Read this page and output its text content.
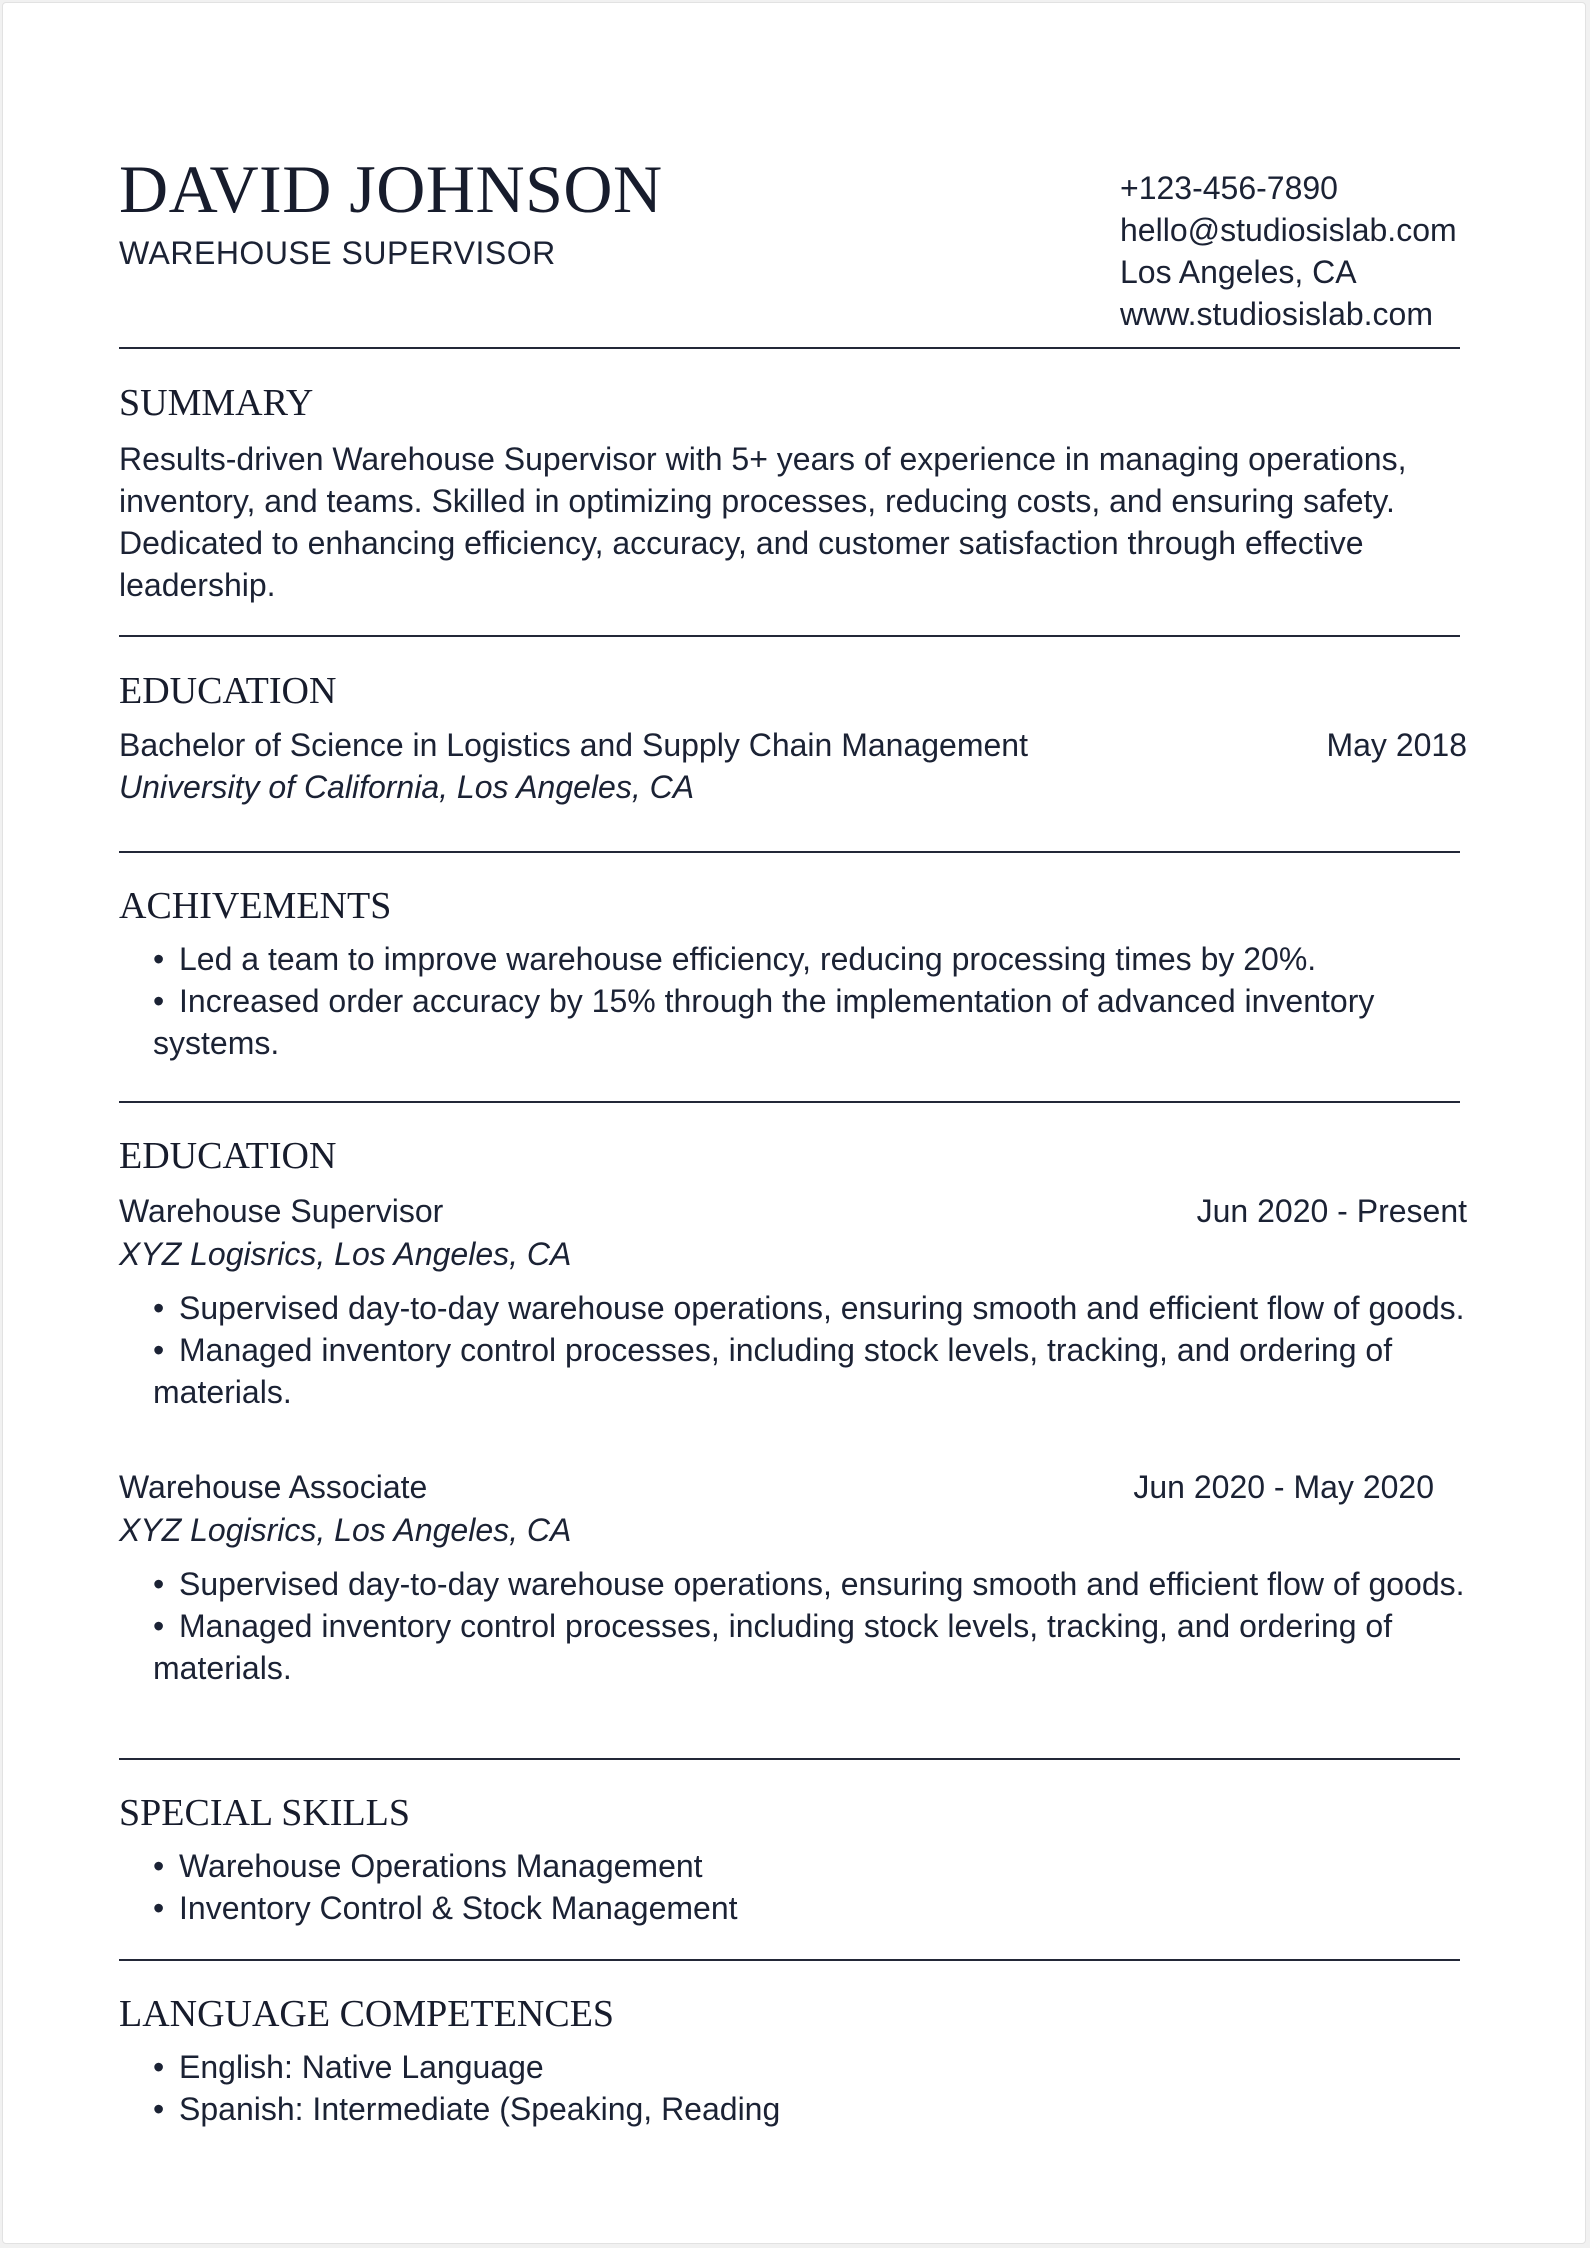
DAVID JOHNSON
WAREHOUSE SUPERVISOR
+123-456-7890
hello@studiosislab.com
Los Angeles, CA
www.studiosislab.com
SUMMARY
Results-driven Warehouse Supervisor with 5+ years of experience in managing operations, inventory, and teams. Skilled in optimizing processes, reducing costs, and ensuring safety. Dedicated to enhancing efficiency, accuracy, and customer satisfaction through effective leadership.
EDUCATION
Bachelor of Science in Logistics and Supply Chain Management	May 2018
University of California, Los Angeles, CA
ACHIVEMENTS
• Led a team to improve warehouse efficiency, reducing processing times by 20%.
• Increased order accuracy by 15% through the implementation of advanced inventory systems.
EDUCATION
Warehouse Supervisor	Jun 2020 - Present
XYZ Logisrics, Los Angeles, CA
• Supervised day-to-day warehouse operations, ensuring smooth and efficient flow of goods.
• Managed inventory control processes, including stock levels, tracking, and ordering of materials.
Warehouse Associate	Jun 2020 - May 2020
XYZ Logisrics, Los Angeles, CA
• Supervised day-to-day warehouse operations, ensuring smooth and efficient flow of goods.
• Managed inventory control processes, including stock levels, tracking, and ordering of materials.
SPECIAL SKILLS
• Warehouse Operations Management
• Inventory Control & Stock Management
LANGUAGE COMPETENCES
• English: Native Language
• Spanish: Intermediate (Speaking, Reading
